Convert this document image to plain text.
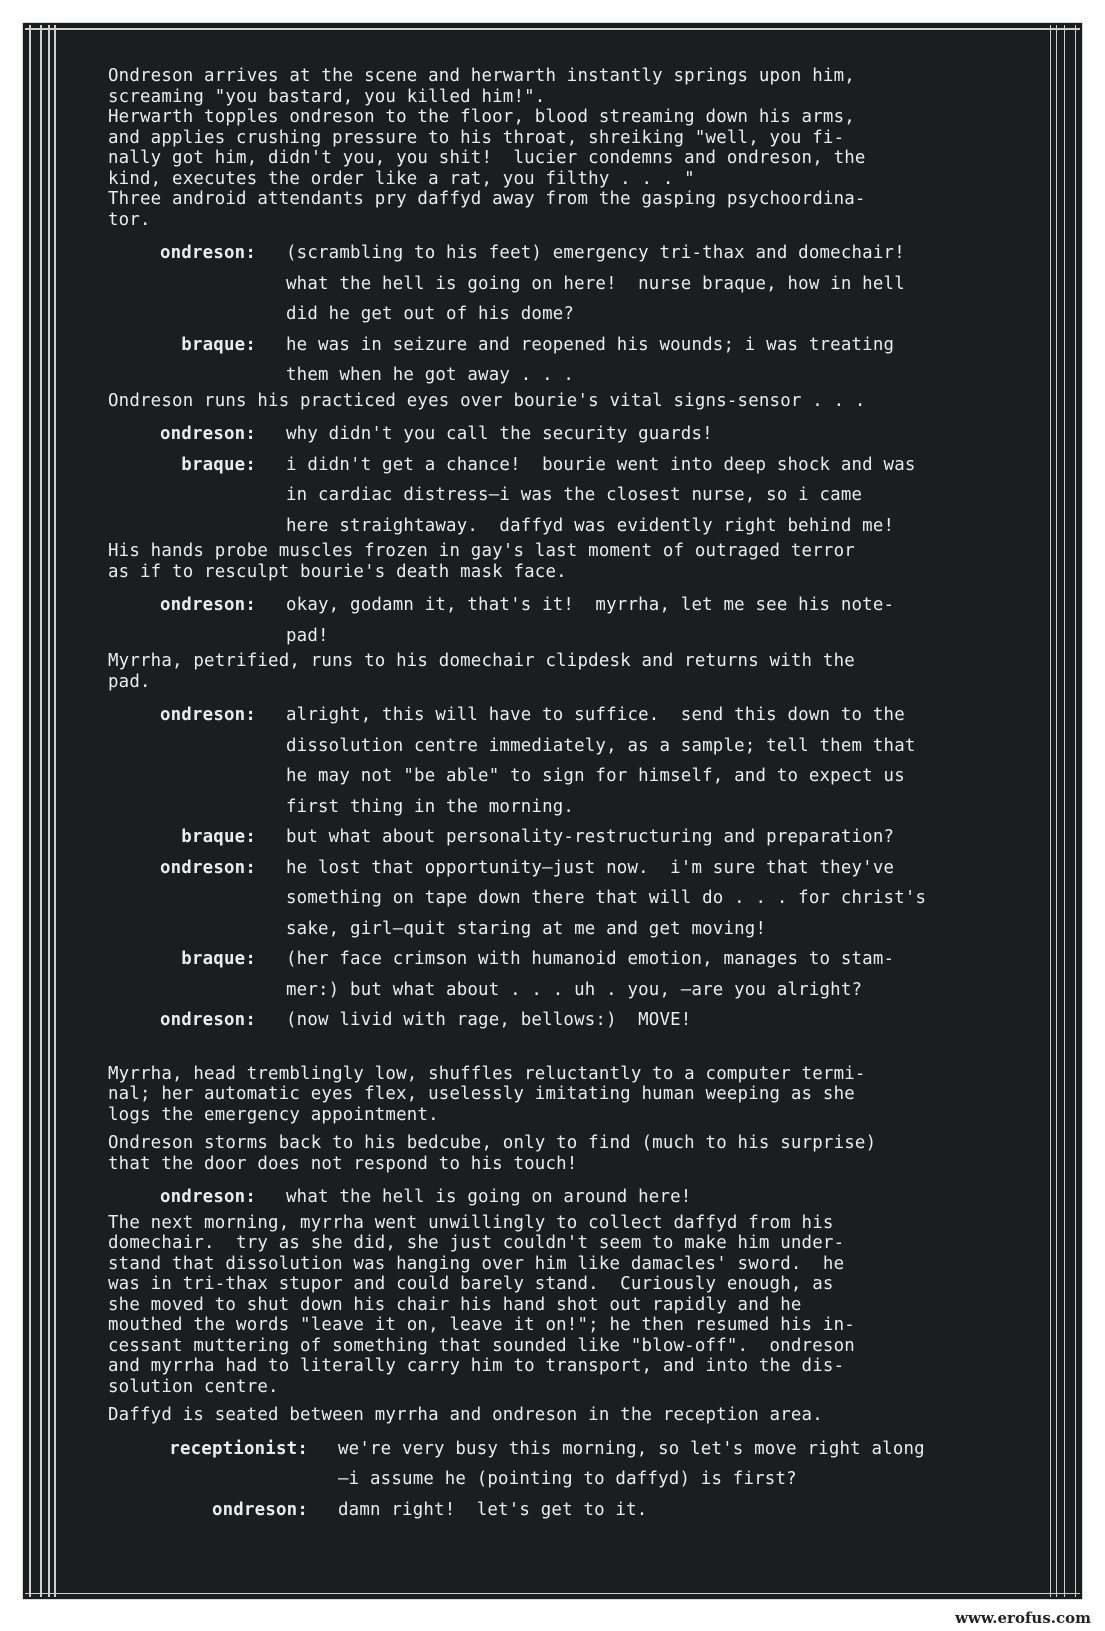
Ondreson arrives at the scene and herwarth instantly springs upon him,
screaming "you bastard, you killed him!".
Herwarth topples ondreson to the floor, blood streaming down his arms,
and applies crushing pressure to his throat, shreiking "well, you fi-
nally got him, didn't you, you shit!  lucier condemns and ondreson, the
kind, executes the order like a rat, you filthy . . . "
Three android attendants pry daffyd away from the gasping psychoordina-
tor.
ondreson: (scrambling to his feet) emergency tri-thax and domechair!
what the hell is going on here!  nurse braque, how in hell
did he get out of his dome?
braque: he was in seizure and reopened his wounds; i was treating
them when he got away . . .
Ondreson runs his practiced eyes over bourie's vital signs-sensor . . .
ondreson: why didn't you call the security guards!
braque: i didn't get a chance!  bourie went into deep shock and was
in cardiac distress—i was the closest nurse, so i came
here straightaway.  daffyd was evidently right behind me!
His hands probe muscles frozen in gay's last moment of outraged terror
as if to resculpt bourie's death mask face.
ondreson: okay, godamn it, that's it!  myrrha, let me see his note-
pad!
Myrrha, petrified, runs to his domechair clipdesk and returns with the
pad.
ondreson: alright, this will have to suffice.  send this down to the
dissolution centre immediately, as a sample; tell them that
he may not "be able" to sign for himself, and to expect us
first thing in the morning.
braque: but what about personality-restructuring and preparation?
ondreson: he lost that opportunity—just now.  i'm sure that they've
something on tape down there that will do . . . for christ's
sake, girl—quit staring at me and get moving!
braque: (her face crimson with humanoid emotion, manages to stam-
mer:) but what about . . . uh . you, —are you alright?
ondreson: (now livid with rage, bellows:)  MOVE!
Myrrha, head tremblingly low, shuffles reluctantly to a computer termi-
nal; her automatic eyes flex, uselessly imitating human weeping as she
logs the emergency appointment.
Ondreson storms back to his bedcube, only to find (much to his surprise)
that the door does not respond to his touch!
ondreson: what the hell is going on around here!
The next morning, myrrha went unwillingly to collect daffyd from his
domechair.  try as she did, she just couldn't seem to make him under-
stand that dissolution was hanging over him like damacles' sword.  he
was in tri-thax stupor and could barely stand.  Curiously enough, as
she moved to shut down his chair his hand shot out rapidly and he
mouthed the words "leave it on, leave it on!"; he then resumed his in-
cessant muttering of something that sounded like "blow-off".  ondreson
and myrrha had to literally carry him to transport, and into the dis-
solution centre.
Daffyd is seated between myrrha and ondreson in the reception area.
receptionist: we're very busy this morning, so let's move right along
—i assume he (pointing to daffyd) is first?
ondreson: damn right!  let's get to it.
www.erofus.com
